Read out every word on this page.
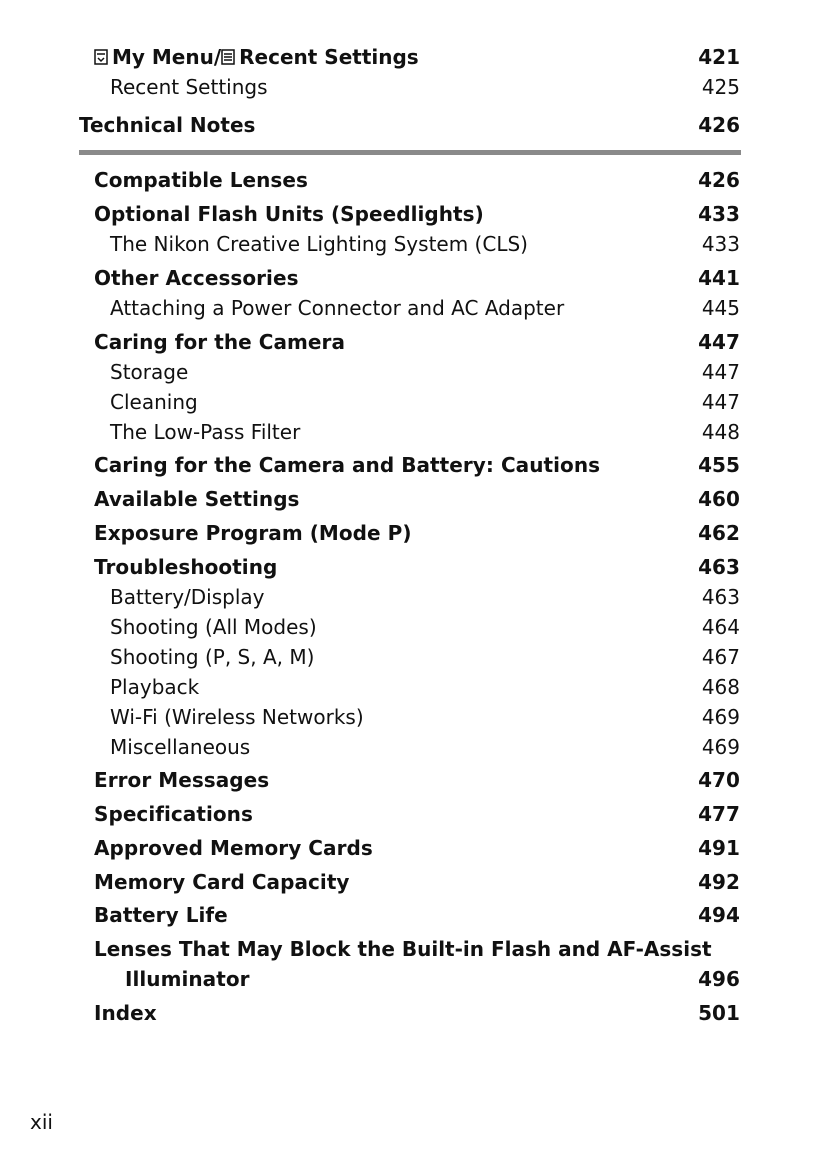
My Menu/ Recent Settings	421
Recent Settings	425
Technical Notes	426
Compatible Lenses	426
Optional Flash Units (Speedlights)	433
The Nikon Creative Lighting System (CLS)	433
Other Accessories	441
Attaching a Power Connector and AC Adapter	445
Caring for the Camera	447
Storage	447
Cleaning	447
The Low-Pass Filter	448
Caring for the Camera and Battery: Cautions	455
Available Settings	460
Exposure Program (Mode P)	462
Troubleshooting	463
Battery/Display	463
Shooting (All Modes)	464
Shooting (P, S, A, M)	467
Playback	468
Wi-Fi (Wireless Networks)	469
Miscellaneous	469
Error Messages	470
Specifications	477
Approved Memory Cards	491
Memory Card Capacity	492
Battery Life	494
Lenses That May Block the Built-in Flash and AF-Assist
Illuminator	496
Index	501
xii
